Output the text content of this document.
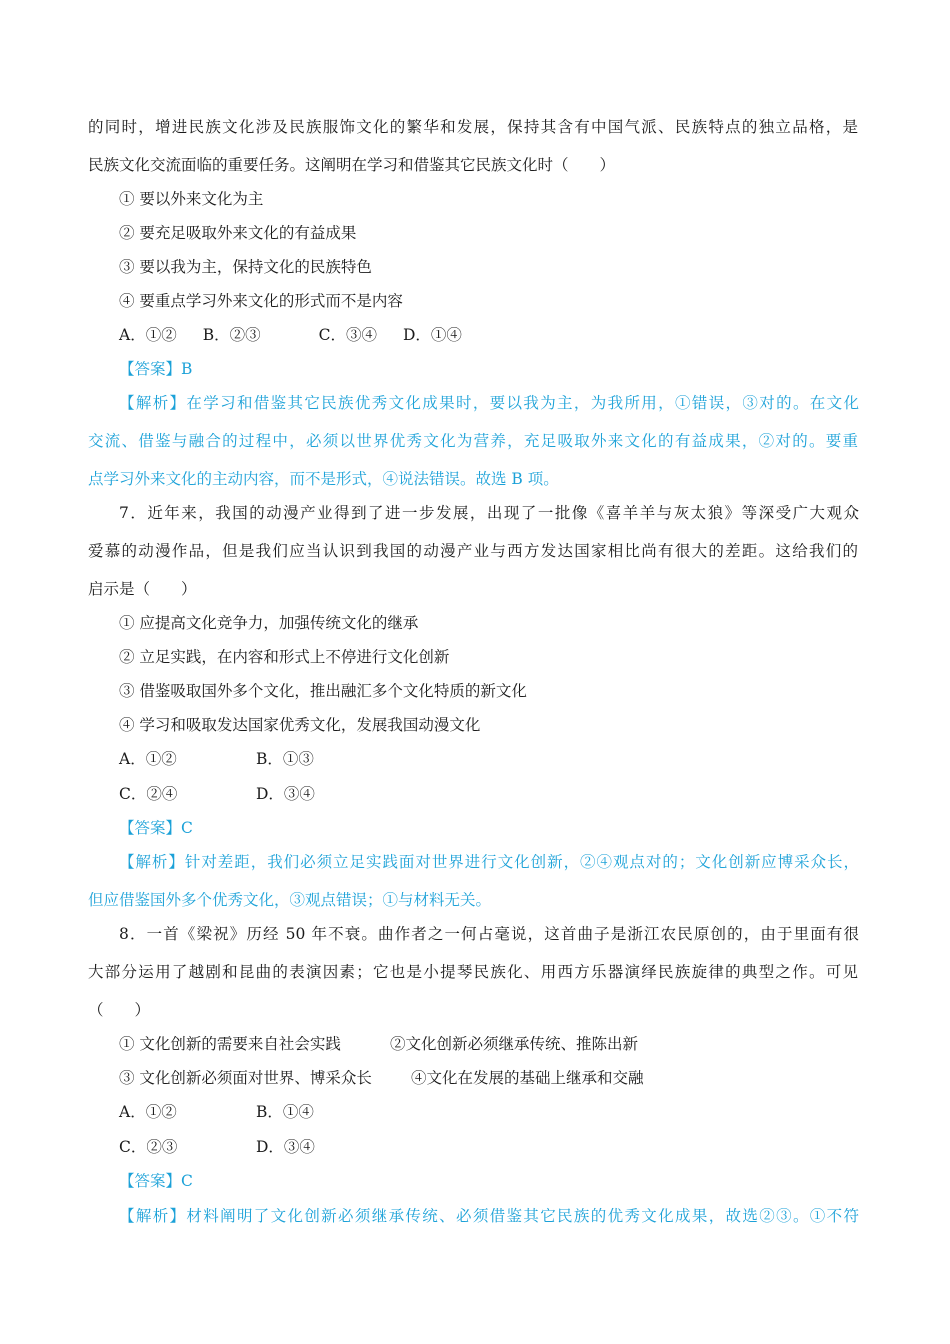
的同时，增进民族文化涉及民族服饰文化的繁华和发展，保持其含有中国气派、民族特点的独立品格，是
民族文化交流面临的重要任务。这阐明在学习和借鉴其它民族文化时（　　）
① 要以外来文化为主
② 要充足吸取外来文化的有益成果
③ 要以我为主，保持文化的民族特色
④ 要重点学习外来文化的形式而不是内容
A．①② B．②③	C．③④ D．①④
【答案】B
【解析】在学习和借鉴其它民族优秀文化成果时，要以我为主，为我所用，①错误，③对的。在文化
交流、借鉴与融合的过程中，必须以世界优秀文化为营养，充足吸取外来文化的有益成果，②对的。要重
点学习外来文化的主动内容，而不是形式，④说法错误。故选 B 项。
7．近年来，我国的动漫产业得到了进一步发展，出现了一批像《喜羊羊与灰太狼》等深受广大观众
爱慕的动漫作品，但是我们应当认识到我国的动漫产业与西方发达国家相比尚有很大的差距。这给我们的
启示是（　　）
① 应提高文化竞争力，加强传统文化的继承
② 立足实践，在内容和形式上不停进行文化创新
③ 借鉴吸取国外多个文化，推出融汇多个文化特质的新文化
④ 学习和吸取发达国家优秀文化，发展我国动漫文化
A．①②	B．①③
C．②④	D．③④
【答案】C
【解析】针对差距，我们必须立足实践面对世界进行文化创新，②④观点对的；文化创新应博采众长，
但应借鉴国外多个优秀文化，③观点错误；①与材料无关。
8．一首《梁祝》历经 50 年不衰。曲作者之一何占毫说，这首曲子是浙江农民原创的，由于里面有很
大部分运用了越剧和昆曲的表演因素；它也是小提琴民族化、用西方乐器演绎民族旋律的典型之作。可见
（　　）
① 文化创新的需要来自社会实践	②文化创新必须继承传统、推陈出新
③ 文化创新必须面对世界、博采众长	④文化在发展的基础上继承和交融
A．①②	B．①④
C．②③	D．③④
【答案】C
【解析】材料阐明了文化创新必须继承传统、必须借鉴其它民族的优秀文化成果，故选②③。①不符
